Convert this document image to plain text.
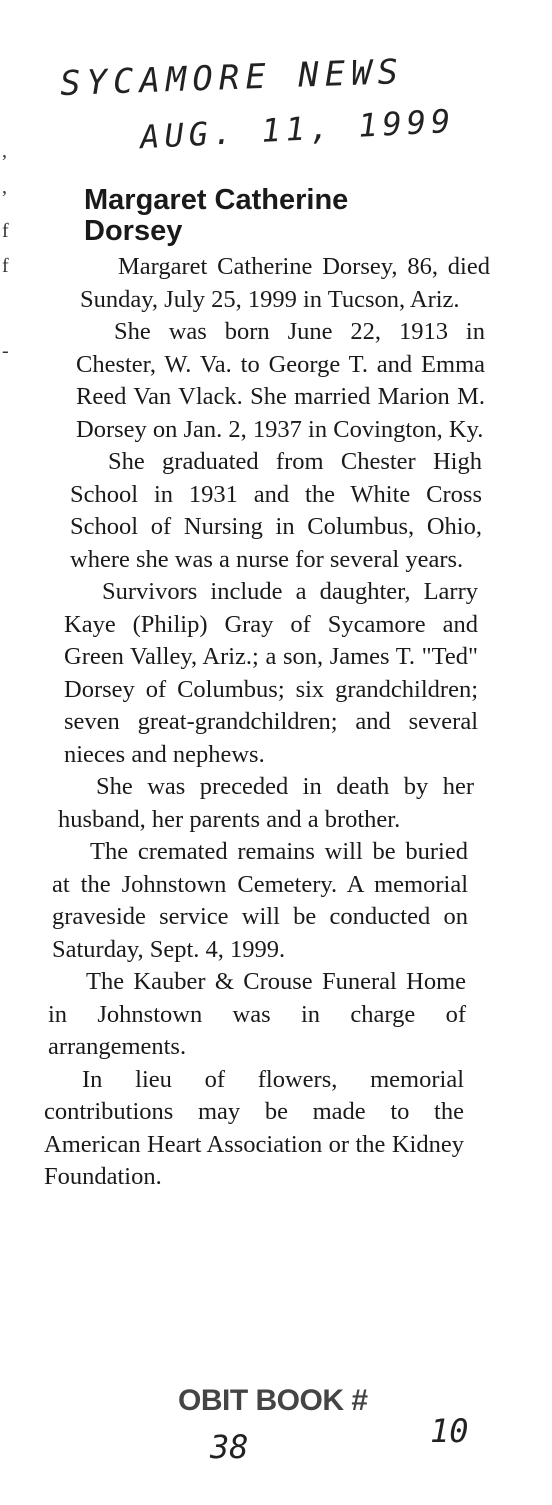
SYCAMORE NEWS
AUG. 11, 1999
,
,
f
f
-
Margaret Catherine
Dorsey

Margaret Catherine Dorsey, 86, died Sunday, July 25, 1999 in Tucson, Ariz.

She was born June 22, 1913 in Chester, W. Va. to George T. and Emma Reed Van Vlack. She married Marion M. Dorsey on Jan. 2, 1937 in Covington, Ky.

She graduated from Chester High School in 1931 and the White Cross School of Nursing in Columbus, Ohio, where she was a nurse for several years.

Survivors include a daughter, Larry Kaye (Philip) Gray of Sycamore and Green Valley, Ariz.; a son, James T. "Ted" Dorsey of Columbus; six grandchildren; seven great-grandchildren; and several nieces and nephews.

She was preceded in death by her husband, her parents and a brother.

The cremated remains will be buried at the Johnstown Cemetery. A memorial graveside service will be conducted on Saturday, Sept. 4, 1999.

The Kauber & Crouse Funeral Home in Johnstown was in charge of arrangements.

In lieu of flowers, memorial contributions may be made to the American Heart Association or the Kidney Foundation.

OBIT BOOK #
38	10
